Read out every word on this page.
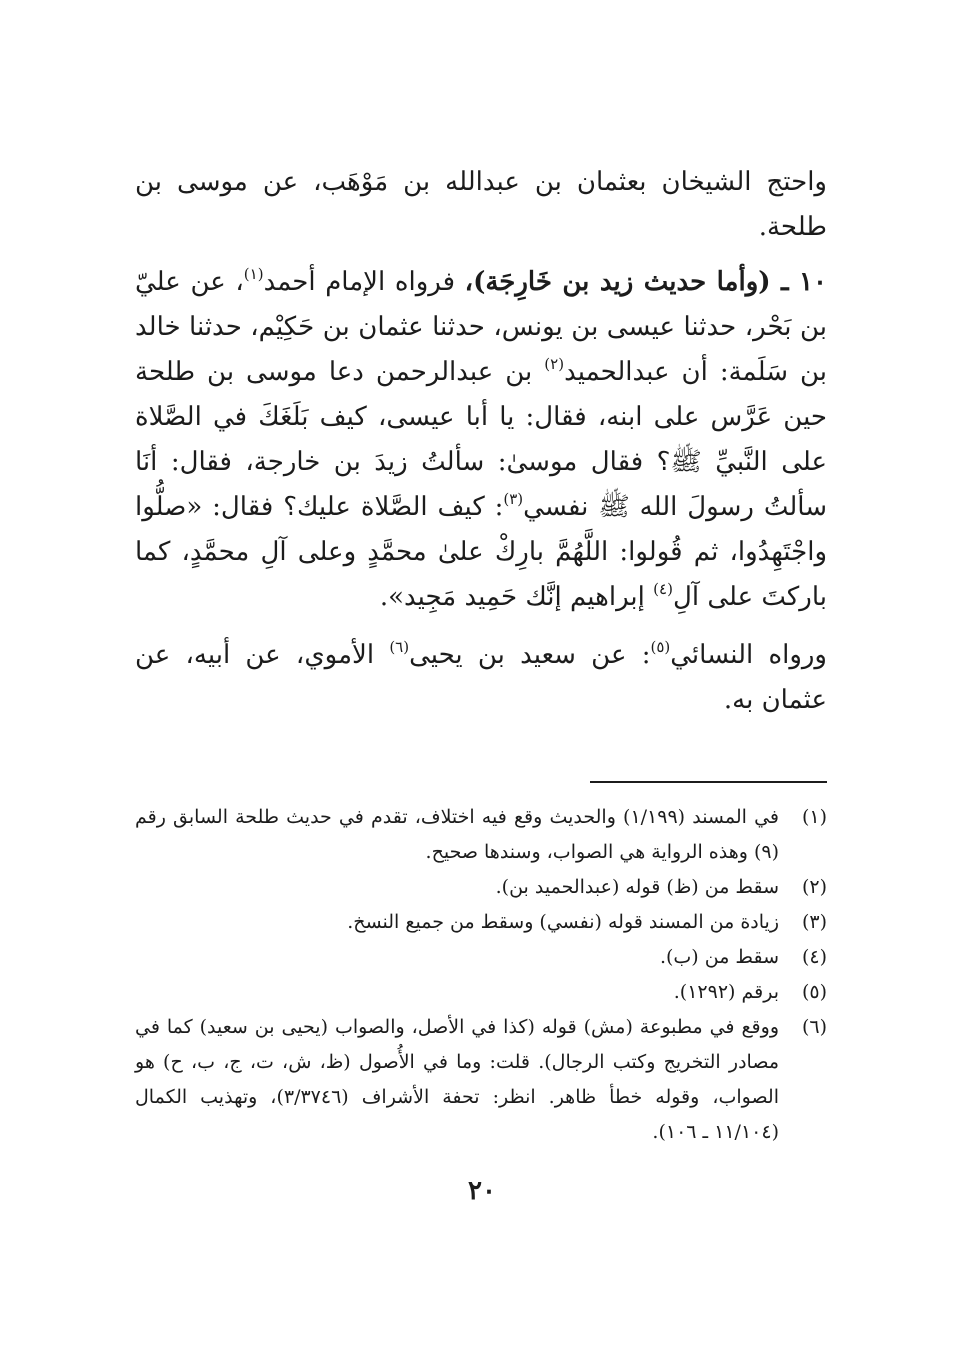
واحتج الشيخان بعثمان بن عبدالله بن مَوْهَب، عن موسى بن طلحة.

١٠ ـ (وأما حديث زيد بن خَارِجَة)، فرواه الإمام أحمد$^{(١)}$، عن عليّ بن بَحْر، حدثنا عيسى بن يونس، حدثنا عثمان بن حَكِيْم، حدثنا خالد بن سَلَمة: أن عبدالحميد$^{(٢)}$ بن عبدالرحمن دعا موسى بن طلحة حين عَرَّس على ابنه، فقال: يا أبا عيسى، كيف بَلَغَكَ في الصَّلاة على النَّبيِّ ﷺ؟ فقال موسىٰ: سألتُ زيدَ بن خارجة، فقال: أنَا سألتُ رسولَ الله ﷺ نفسي$^{(٣)}$: كيف الصَّلاة عليك؟ فقال: «صلُّوا واجْتَهِدُوا، ثم قُولوا: اللَّهُمَّ بارِكْ علىٰ محمَّدٍ وعلى آلِ محمَّدٍ، كما باركتَ على آلِ$^{(٤)}$ إبراهيم إنَّك حَمِيد مَجِيد».

ورواه النسائي$^{(٥)}$: عن سعيد بن يحيى$^{(٦)}$ الأموي، عن أبيه، عن عثمان به.

(١)
في المسند (١/١٩٩) والحديث وقع فيه اختلاف، تقدم في حديث طلحة السابق رقم (٩) وهذه الرواية هي الصواب، وسندها صحيح.
(٢)
سقط من (ظ) قوله (عبدالحميد بن).
(٣)
زيادة من المسند قوله (نفسي) وسقط من جميع النسخ.
(٤)
سقط من (ب).
(٥)
برقم (١٢٩٢).
(٦)
ووقع في مطبوعة (مش) قوله (كذا في الأصل، والصواب (يحيى بن سعيد) كما في مصادر التخريج وكتب الرجال). قلت: وما في الأُصول (ظ، ش، ت، ج، ب، ح) هو الصواب، وقوله خطأ ظاهر. انظر: تحفة الأشراف (٣/٣٧٤٦)، وتهذيب الكمال (١١/١٠٤ ـ ١٠٦).
٢٠
